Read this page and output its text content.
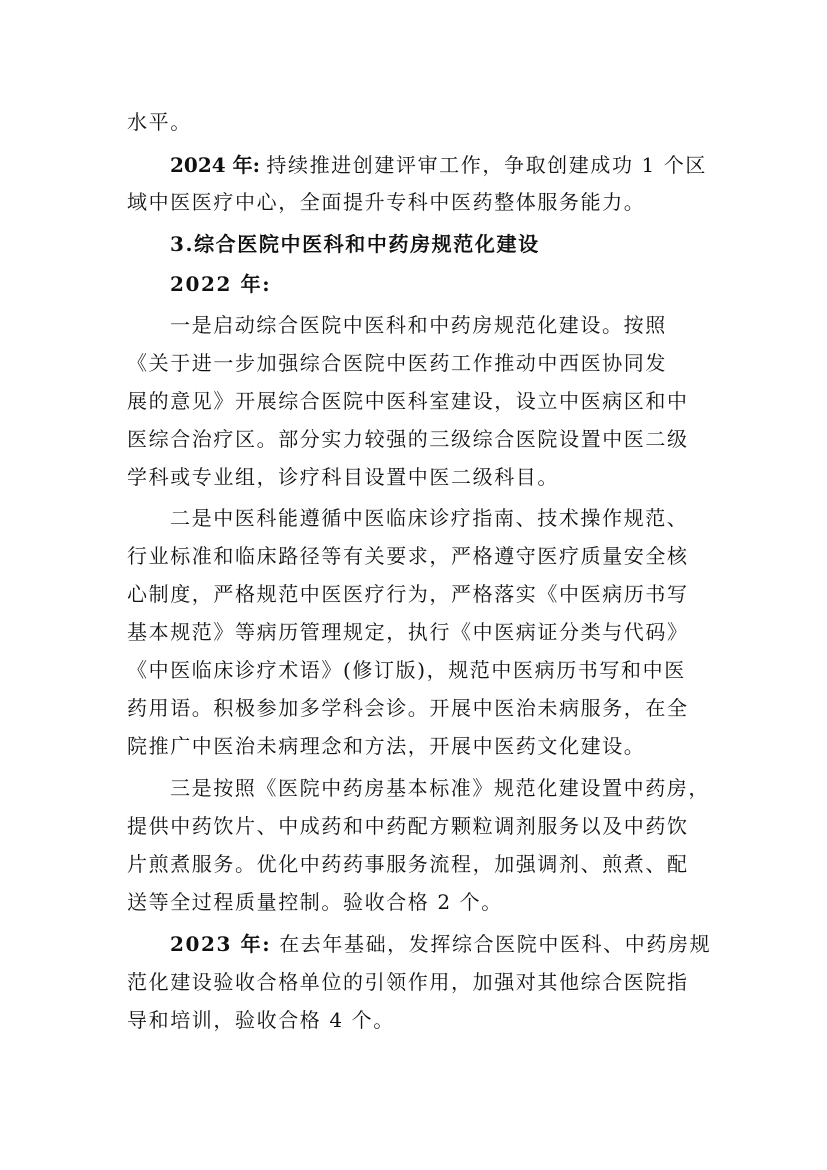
水平。
2024 年: 持续推进创建评审工作，争取创建成功 1 个区
域中医医疗中心，全面提升专科中医药整体服务能力。
3.综合医院中医科和中药房规范化建设
2022 年:
一是启动综合医院中医科和中药房规范化建设。按照
《关于进一步加强综合医院中医药工作推动中西医协同发
展的意见》开展综合医院中医科室建设，设立中医病区和中
医综合治疗区。部分实力较强的三级综合医院设置中医二级
学科或专业组，诊疗科目设置中医二级科目。
二是中医科能遵循中医临床诊疗指南、技术操作规范、
行业标准和临床路径等有关要求，严格遵守医疗质量安全核
心制度，严格规范中医医疗行为，严格落实《中医病历书写
基本规范》等病历管理规定，执行《中医病证分类与代码》
《中医临床诊疗术语》(修订版)，规范中医病历书写和中医
药用语。积极参加多学科会诊。开展中医治未病服务，在全
院推广中医治未病理念和方法，开展中医药文化建设。
三是按照《医院中药房基本标准》规范化建设置中药房，
提供中药饮片、中成药和中药配方颗粒调剂服务以及中药饮
片煎煮服务。优化中药药事服务流程，加强调剂、煎煮、配
送等全过程质量控制。验收合格 2 个。
2023 年: 在去年基础，发挥综合医院中医科、中药房规
范化建设验收合格单位的引领作用，加强对其他综合医院指
导和培训，验收合格 4 个。
